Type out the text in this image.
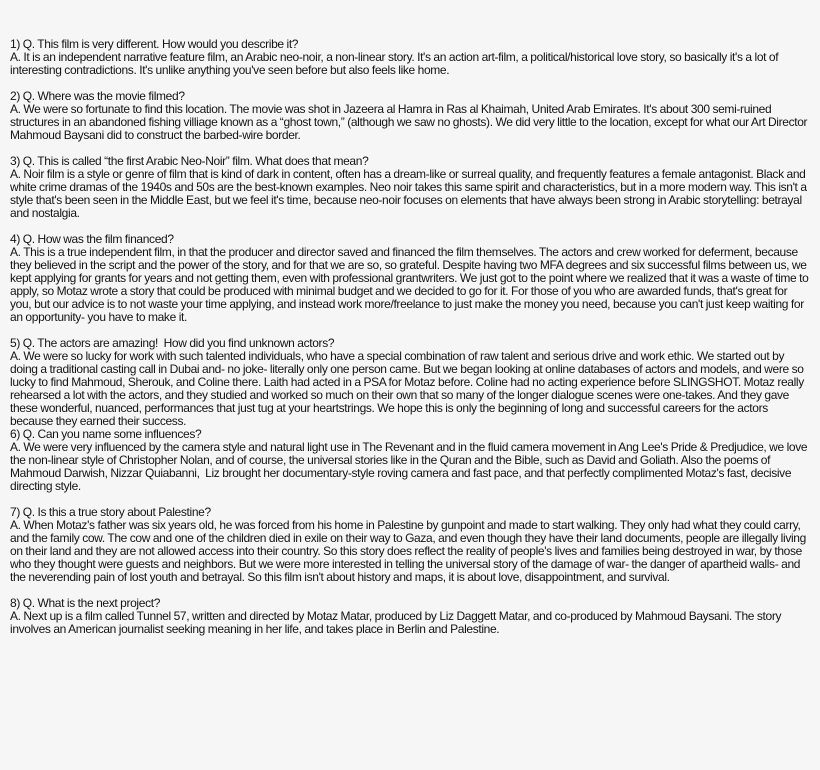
1) Q. This film is very different. How would you describe it?
A. It is an independent narrative feature film, an Arabic neo-noir, a non-linear story. It's an action art-film, a political/historical love story, so basically it's a lot of interesting contradictions. It's unlike anything you've seen before but also feels like home.
2) Q. Where was the movie filmed?
A. We were so fortunate to find this location. The movie was shot in Jazeera al Hamra in Ras al Khaimah, United Arab Emirates. It's about 300 semi-ruined structures in an abandoned fishing villiage known as a “ghost town,” (although we saw no ghosts). We did very little to the location, except for what our Art Director Mahmoud Baysani did to construct the barbed-wire border.
3) Q. This is called “the first Arabic Neo-Noir” film. What does that mean?
A. Noir film is a style or genre of film that is kind of dark in content, often has a dream-like or surreal quality, and frequently features a female antagonist. Black and white crime dramas of the 1940s and 50s are the best-known examples. Neo noir takes this same spirit and characteristics, but in a more modern way. This isn't a style that's been seen in the Middle East, but we feel it's time, because neo-noir focuses on elements that have always been strong in Arabic storytelling: betrayal and nostalgia.
4) Q. How was the film financed?
A. This is a true independent film, in that the producer and director saved and financed the film themselves. The actors and crew worked for deferment, because they believed in the script and the power of the story, and for that we are so, so grateful. Despite having two MFA degrees and six successful films between us, we kept applying for grants for years and not getting them, even with professional grantwriters. We just got to the point where we realized that it was a waste of time to apply, so Motaz wrote a story that could be produced with minimal budget and we decided to go for it. For those of you who are awarded funds, that's great for you, but our advice is to not waste your time applying, and instead work more/freelance to just make the money you need, because you can't just keep waiting for an opportunity- you have to make it.
5) Q. The actors are amazing!  How did you find unknown actors?
A. We were so lucky for work with such talented individuals, who have a special combination of raw talent and serious drive and work ethic. We started out by doing a traditional casting call in Dubai and- no joke- literally only one person came. But we began looking at online databases of actors and models, and were so lucky to find Mahmoud, Sherouk, and Coline there. Laith had acted in a PSA for Motaz before. Coline had no acting experience before SLINGSHOT. Motaz really rehearsed a lot with the actors, and they studied and worked so much on their own that so many of the longer dialogue scenes were one-takes. And they gave these wonderful, nuanced, performances that just tug at your heartstrings. We hope this is only the beginning of long and successful careers for the actors because they earned their success.
6) Q. Can you name some influences?
A. We were very influenced by the camera style and natural light use in The Revenant and in the fluid camera movement in Ang Lee's Pride & Predjudice, we love the non-linear style of Christopher Nolan, and of course, the universal stories like in the Quran and the Bible, such as David and Goliath. Also the poems of Mahmoud Darwish, Nizzar Quiabanni,  Liz brought her documentary-style roving camera and fast pace, and that perfectly complimented Motaz's fast, decisive directing style.
7) Q. Is this a true story about Palestine?
A. When Motaz's father was six years old, he was forced from his home in Palestine by gunpoint and made to start walking. They only had what they could carry, and the family cow. The cow and one of the children died in exile on their way to Gaza, and even though they have their land documents, people are illegally living on their land and they are not allowed access into their country. So this story does reflect the reality of people's lives and families being destroyed in war, by those who they thought were guests and neighbors. But we were more interested in telling the universal story of the damage of war- the danger of apartheid walls- and the neverending pain of lost youth and betrayal. So this film isn't about history and maps, it is about love, disappointment, and survival.
8) Q. What is the next project?
A. Next up is a film called Tunnel 57, written and directed by Motaz Matar, produced by Liz Daggett Matar, and co-produced by Mahmoud Baysani. The story involves an American journalist seeking meaning in her life, and takes place in Berlin and Palestine.
